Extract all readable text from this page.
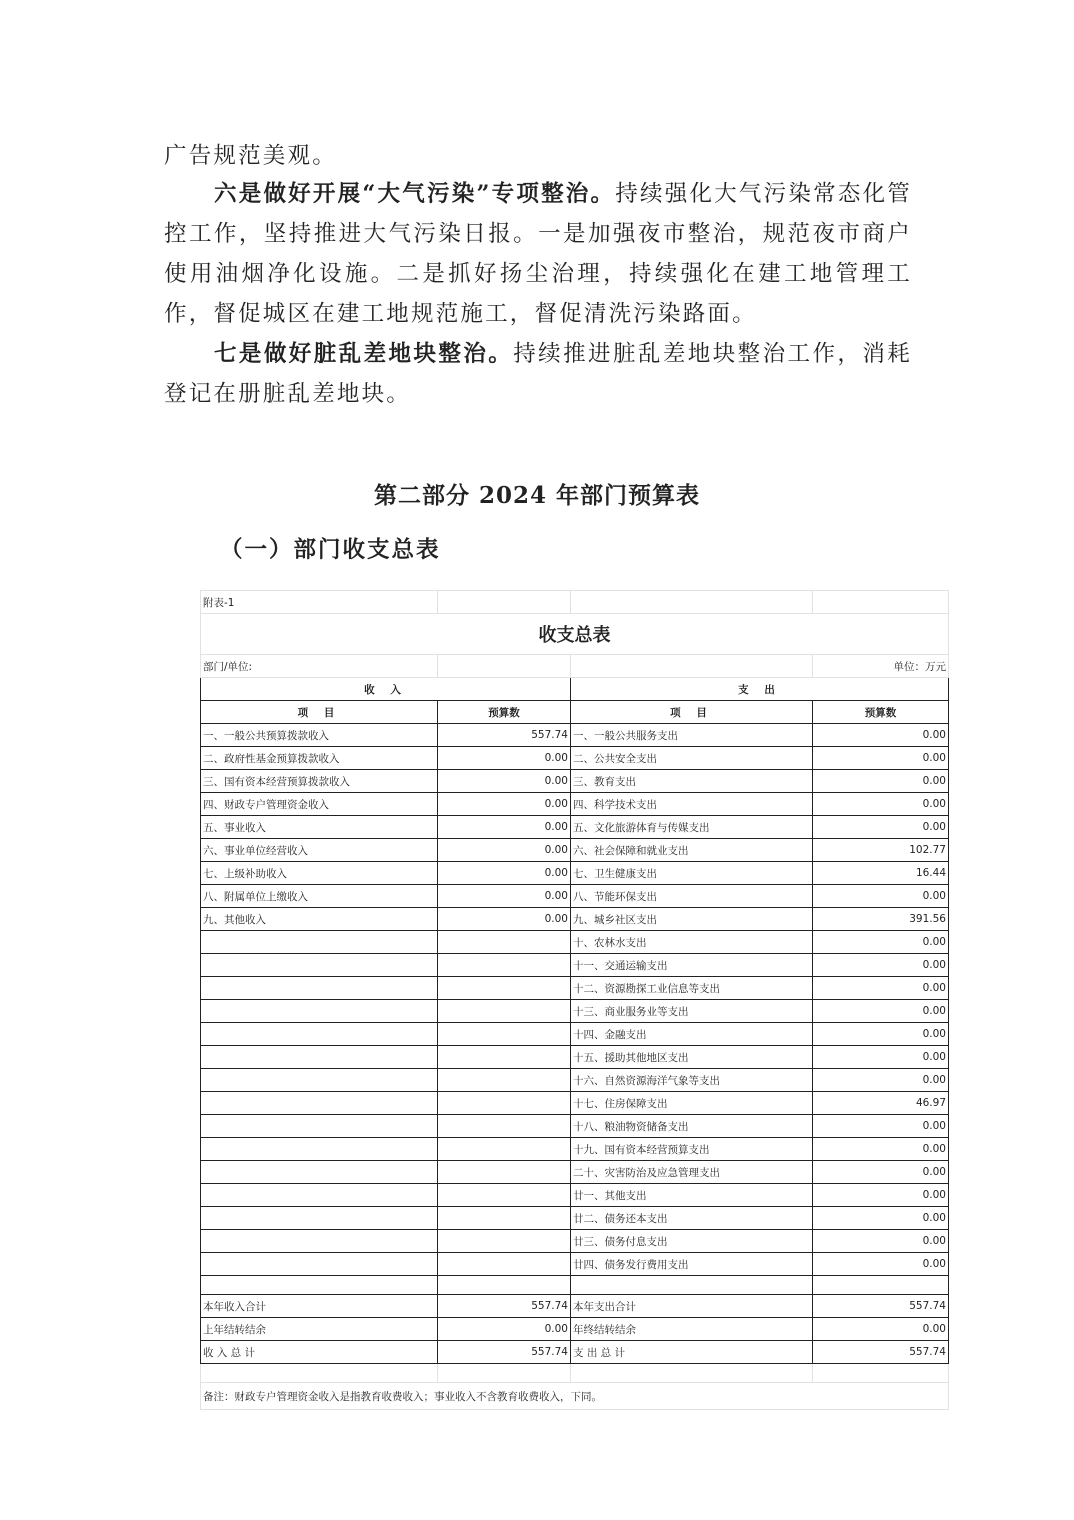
广告规范美观。

六是做好开展“大气污染”专项整治。持续强化大气污染常态化管控工作，坚持推进大气污染日报。一是加强夜市整治，规范夜市商户使用油烟净化设施。二是抓好扬尘治理，持续强化在建工地管理工作，督促城区在建工地规范施工，督促清洗污染路面。

七是做好脏乱差地块整治。持续推进脏乱差地块整治工作，消耗登记在册脏乱差地块。

第二部分 2024 年部门预算表
（一）部门收支总表
附表-1			
收支总表			
部门/单位:			单位：万元
收 入		支 出	
项 目	预算数	项 目	预算数
一、一般公共预算拨款收入	557.74	一、一般公共服务支出	0.00
二、政府性基金预算拨款收入	0.00	二、公共安全支出	0.00
三、国有资本经营预算拨款收入	0.00	三、教育支出	0.00
四、财政专户管理资金收入	0.00	四、科学技术支出	0.00
五、事业收入	0.00	五、文化旅游体育与传媒支出	0.00
六、事业单位经营收入	0.00	六、社会保障和就业支出	102.77
七、上级补助收入	0.00	七、卫生健康支出	16.44
八、附属单位上缴收入	0.00	八、节能环保支出	0.00
九、其他收入	0.00	九、城乡社区支出	391.56
		十、农林水支出	0.00
		十一、交通运输支出	0.00
		十二、资源勘探工业信息等支出	0.00
		十三、商业服务业等支出	0.00
		十四、金融支出	0.00
		十五、援助其他地区支出	0.00
		十六、自然资源海洋气象等支出	0.00
		十七、住房保障支出	46.97
		十八、粮油物资储备支出	0.00
		十九、国有资本经营预算支出	0.00
		二十、灾害防治及应急管理支出	0.00
		廿一、其他支出	0.00
		廿二、债务还本支出	0.00
		廿三、债务付息支出	0.00
		廿四、债务发行费用支出	0.00

本年收入合计	557.74	本年支出合计	557.74
上年结转结余	0.00	年终结转结余	0.00
收 入 总 计	557.74	支 出 总 计	557.74

备注：财政专户管理资金收入是指教育收费收入；事业收入不含教育收费收入，下同。			
